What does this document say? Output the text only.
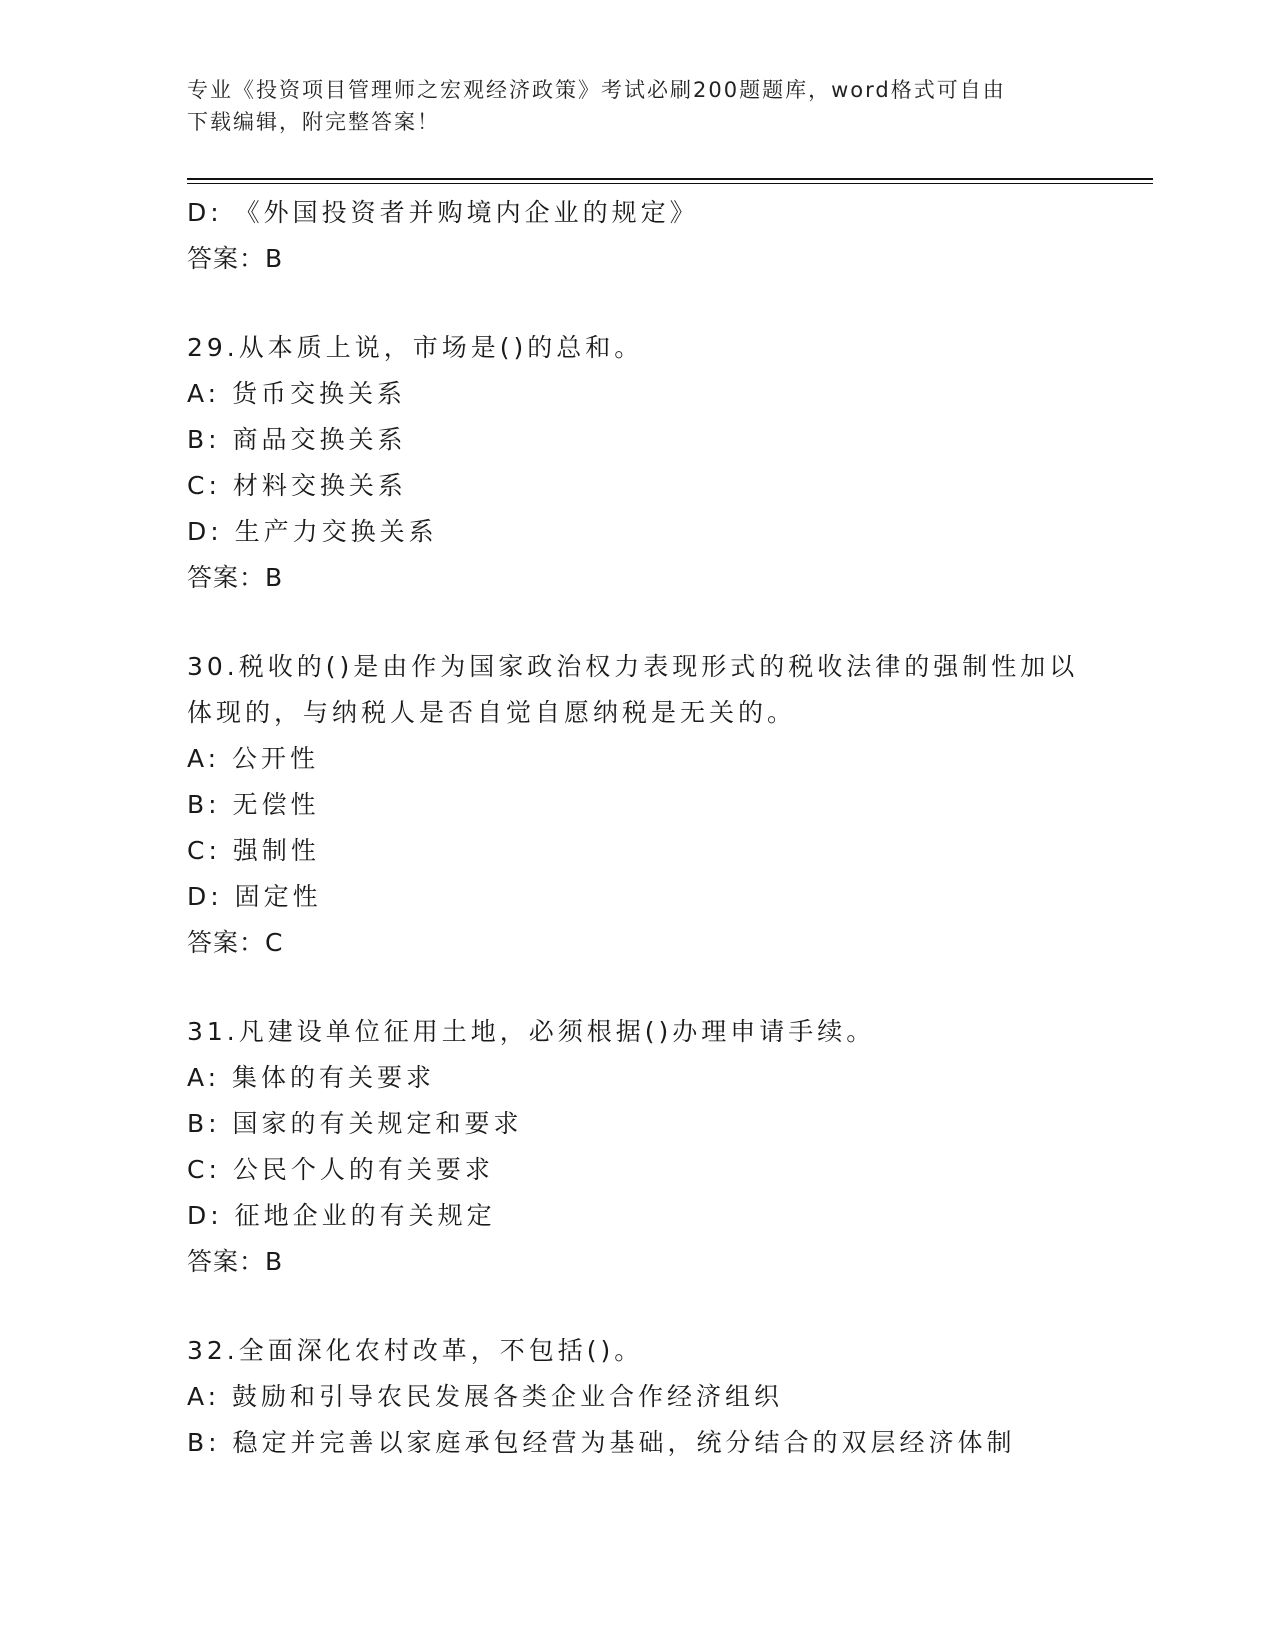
专业《投资项目管理师之宏观经济政策》考试必刷200题题库，word格式可自由
下载编辑，附完整答案！
D: 《外国投资者并购境内企业的规定》
答案：B
29.从本质上说，市场是()的总和。
A: 货币交换关系
B: 商品交换关系
C: 材料交换关系
D: 生产力交换关系
答案：B
30.税收的()是由作为国家政治权力表现形式的税收法律的强制性加以
体现的，与纳税人是否自觉自愿纳税是无关的。
A: 公开性
B: 无偿性
C: 强制性
D: 固定性
答案：C
31.凡建设单位征用土地，必须根据()办理申请手续。
A: 集体的有关要求
B: 国家的有关规定和要求
C: 公民个人的有关要求
D: 征地企业的有关规定
答案：B
32.全面深化农村改革，不包括()。
A: 鼓励和引导农民发展各类企业合作经济组织
B: 稳定并完善以家庭承包经营为基础，统分结合的双层经济体制
